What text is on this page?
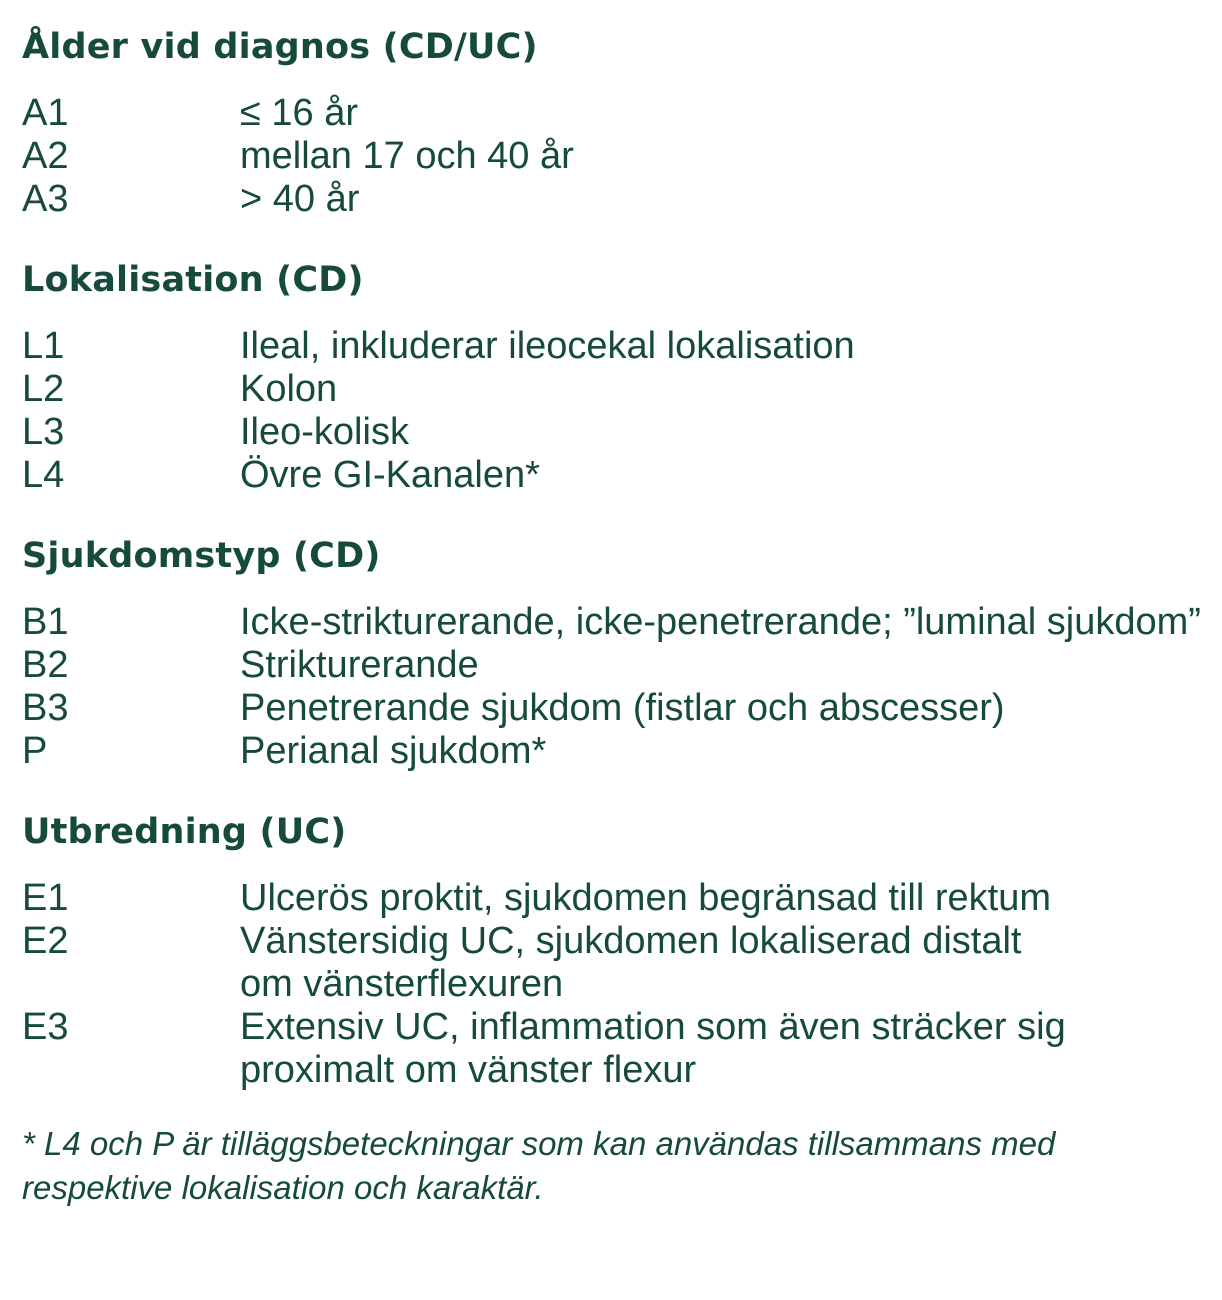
Ålder vid diagnos (CD/UC)
A1	≤ 16 år
A2	mellan 17 och 40 år
A3	> 40 år
Lokalisation (CD)
L1	Ileal, inkluderar ileocekal lokalisation
L2	Kolon
L3	Ileo-kolisk
L4	Övre GI-Kanalen*
Sjukdomstyp (CD)
B1	Icke-strikturerande, icke-penetrerande; ”luminal sjukdom”
B2	Strikturerande
B3	Penetrerande sjukdom (fistlar och abscesser)
P	Perianal sjukdom*
Utbredning (UC)
E1	Ulcerös proktit, sjukdomen begränsad till rektum
E2	Vänstersidig UC, sjukdomen lokaliserad distalt
om vänsterflexuren
E3	Extensiv UC, inflammation som även sträcker sig
proximalt om vänster flexur
* L4 och P är tilläggsbeteckningar som kan användas tillsammans med
respektive lokalisation och karaktär.
